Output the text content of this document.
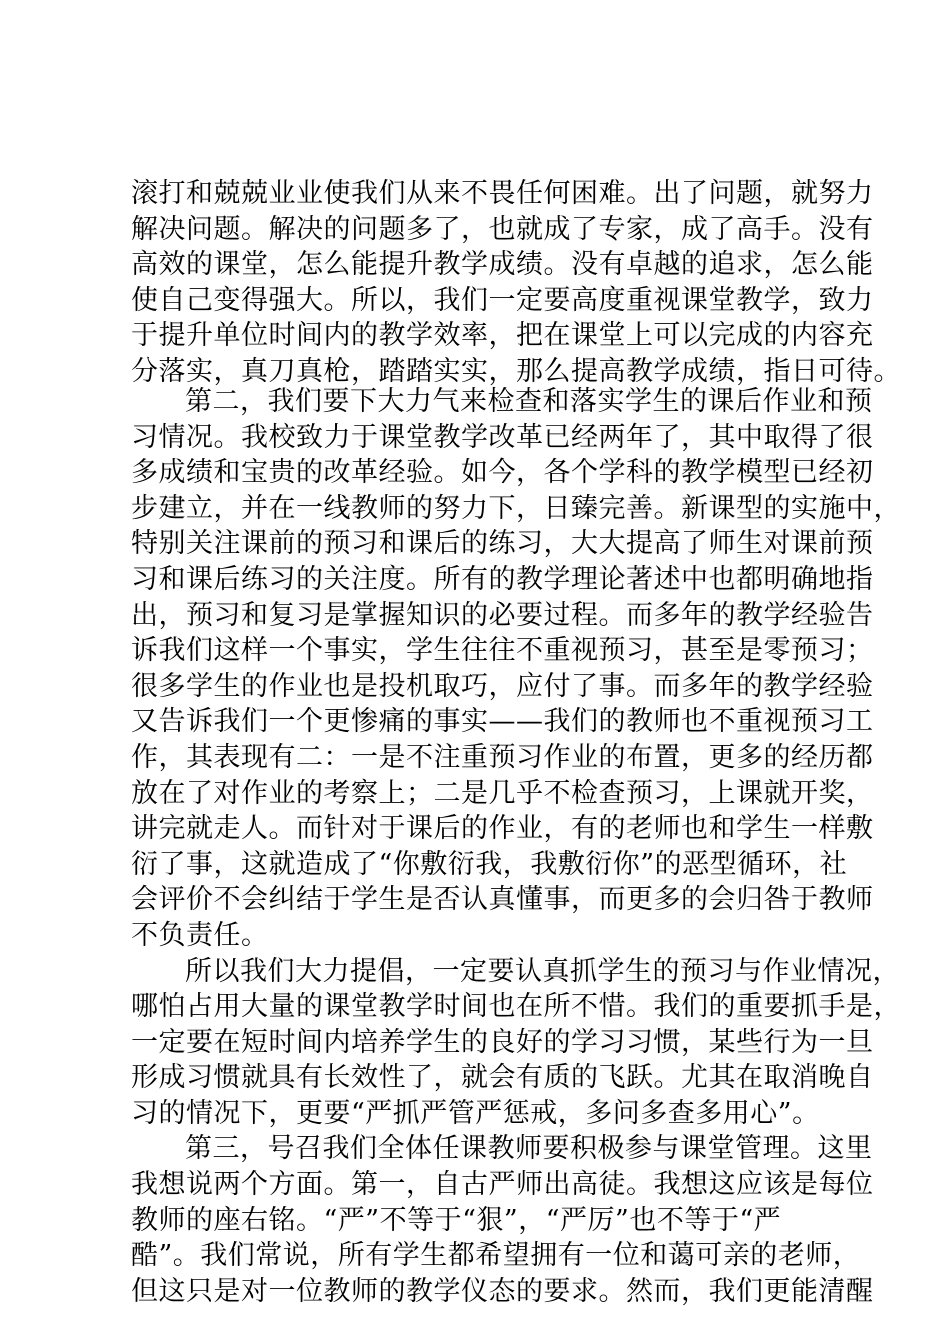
滚打和兢兢业业使我们从来不畏任何困难。出了问题，就努力
解决问题。解决的问题多了，也就成了专家，成了高手。没有
高效的课堂，怎么能提升教学成绩。没有卓越的追求，怎么能
使自己变得强大。所以，我们一定要高度重视课堂教学，致力
于提升单位时间内的教学效率，把在课堂上可以完成的内容充
分落实，真刀真枪，踏踏实实，那么提高教学成绩，指日可待。
第二，我们要下大力气来检查和落实学生的课后作业和预
习情况。我校致力于课堂教学改革已经两年了，其中取得了很
多成绩和宝贵的改革经验。如今，各个学科的教学模型已经初
步建立，并在一线教师的努力下，日臻完善。新课型的实施中，
特别关注课前的预习和课后的练习，大大提高了师生对课前预
习和课后练习的关注度。所有的教学理论著述中也都明确地指
出，预习和复习是掌握知识的必要过程。而多年的教学经验告
诉我们这样一个事实，学生往往不重视预习，甚至是零预习；
很多学生的作业也是投机取巧，应付了事。而多年的教学经验
又告诉我们一个更惨痛的事实——我们的教师也不重视预习工
作，其表现有二：一是不注重预习作业的布置，更多的经历都
放在了对作业的考察上；二是几乎不检查预习，上课就开奖，
讲完就走人。而针对于课后的作业，有的老师也和学生一样敷
衍了事，这就造成了“你敷衍我，我敷衍你”的恶型循环，社
会评价不会纠结于学生是否认真懂事，而更多的会归咎于教师
不负责任。
所以我们大力提倡，一定要认真抓学生的预习与作业情况，
哪怕占用大量的课堂教学时间也在所不惜。我们的重要抓手是，
一定要在短时间内培养学生的良好的学习习惯，某些行为一旦
形成习惯就具有长效性了，就会有质的飞跃。尤其在取消晚自
习的情况下，更要“严抓严管严惩戒，多问多查多用心”。
第三，号召我们全体任课教师要积极参与课堂管理。这里
我想说两个方面。第一，自古严师出高徒。我想这应该是每位
教师的座右铭。“严”不等于“狠”，“严厉”也不等于“严
酷”。我们常说，所有学生都希望拥有一位和蔼可亲的老师，
但这只是对一位教师的教学仪态的要求。然而，我们更能清醒
